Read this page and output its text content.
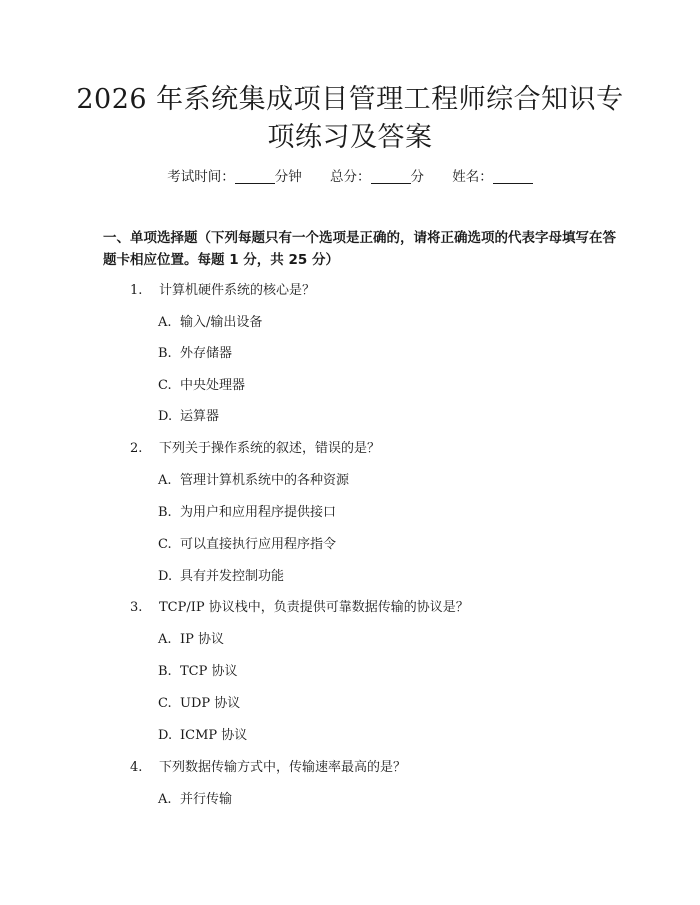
2026 年系统集成项目管理工程师综合知识专
项练习及答案
考试时间：	分钟 总分：	分 姓名：
一、单项选择题（下列每题只有一个选项是正确的，请将正确选项的代表字母填写在答题卡相应位置。每题 1 分，共 25 分）
1. 计算机硬件系统的核心是？
A. 输入/输出设备
B. 外存储器
C. 中央处理器
D. 运算器
2. 下列关于操作系统的叙述，错误的是？
A. 管理计算机系统中的各种资源
B. 为用户和应用程序提供接口
C. 可以直接执行应用程序指令
D. 具有并发控制功能
3. TCP/IP 协议栈中，负责提供可靠数据传输的协议是？
A. IP 协议
B. TCP 协议
C. UDP 协议
D. ICMP 协议
4. 下列数据传输方式中，传输速率最高的是？
A. 并行传输
